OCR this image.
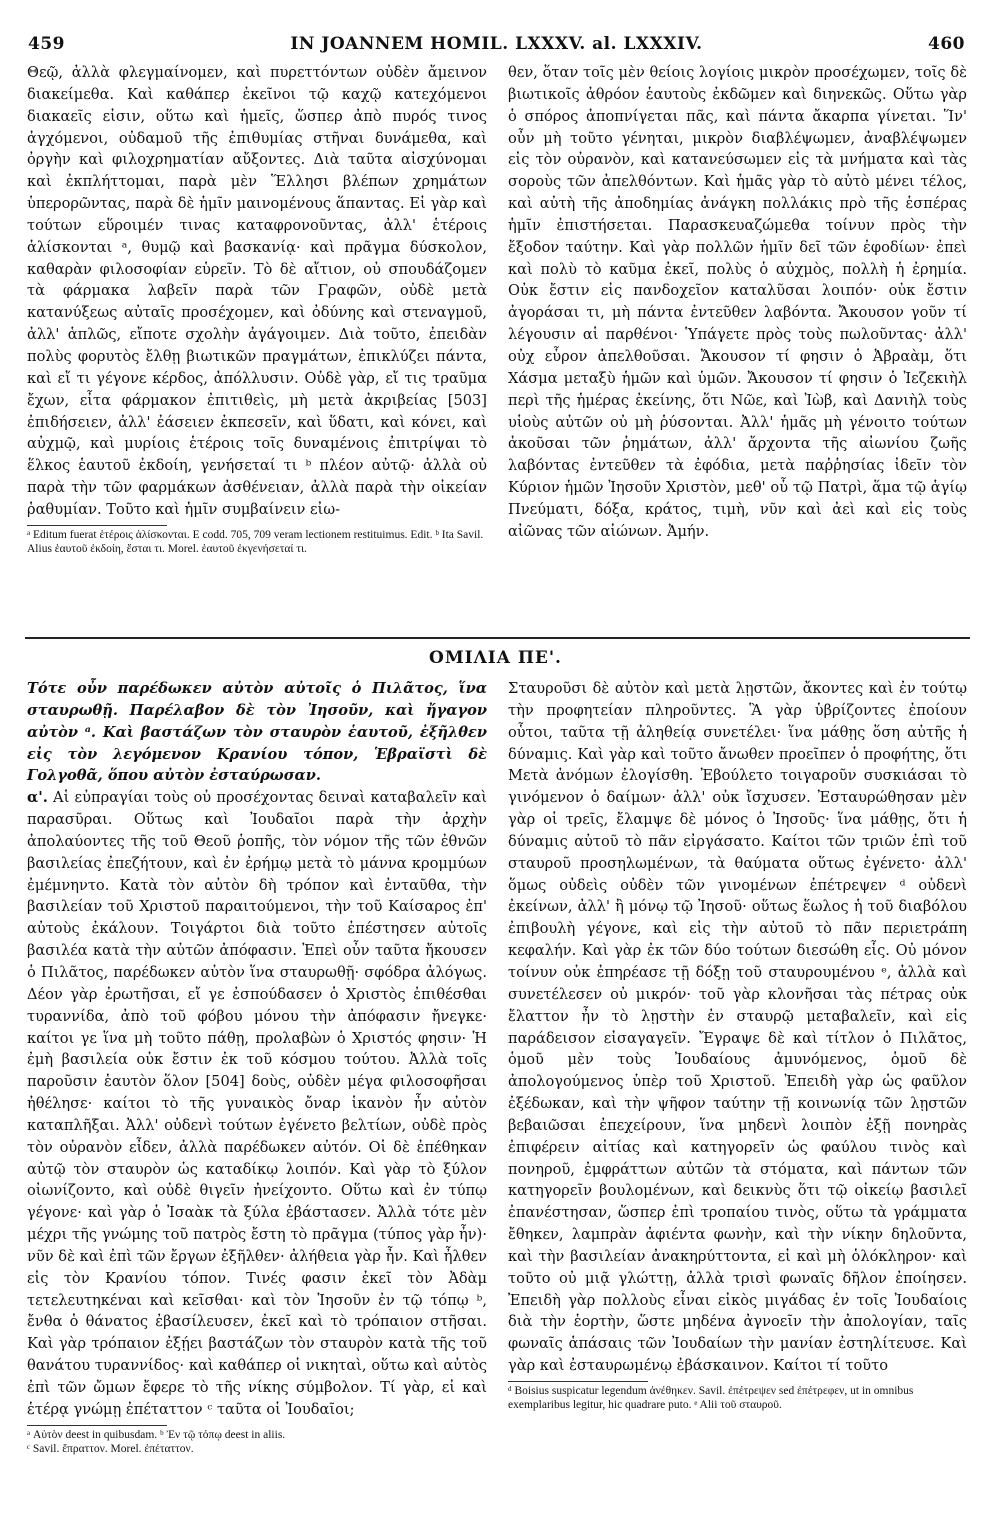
459	IN JOANNEM HOMIL. LXXXV. al. LXXXIV.	460

Θεῷ, ἀλλὰ φλεγμαίνομεν, καὶ πυρεττόντων οὐδὲν ἄμεινον διακείμεθα. Καὶ καθάπερ ἐκεῖνοι τῷ καχῷ κατεχόμενοι διακαεῖς εἰσιν, οὕτω καὶ ἡμεῖς, ὥσπερ ἀπὸ πυρός τινος ἀγχόμενοι, οὐδαμοῦ τῆς ἐπιθυμίας στῆναι δυνάμεθα, καὶ ὀργὴν καὶ φιλοχρηματίαν αὔξοντες. Διὰ ταῦτα αἰσχύνομαι καὶ ἐκπλήττομαι, παρὰ μὲν Ἕλλησι βλέπων χρημάτων ὑπερορῶντας, παρὰ δὲ ἡμῖν μαινομένους ἅπαντας. Εἰ γὰρ καὶ τούτων εὕροιμέν τινας καταφρονοῦντας, ἀλλ' ἑτέροις ἁλίσκονται ᵃ, θυμῷ καὶ βασκανίᾳ· καὶ πρᾶγμα δύσκολον, καθαρὰν φιλοσοφίαν εὑρεῖν. Τὸ δὲ αἴτιον, οὐ σπουδάζομεν τὰ φάρμακα λαβεῖν παρὰ τῶν Γραφῶν, οὐδὲ μετὰ κατανύξεως αὐταῖς προσέχομεν, καὶ ὀδύνης καὶ στεναγμοῦ, ἀλλ' ἁπλῶς, εἴποτε σχολὴν ἀγάγοιμεν. Διὰ τοῦτο, ἐπειδὰν πολὺς φορυτὸς ἔλθῃ βιωτικῶν πραγμάτων, ἐπικλύζει πάντα, καὶ εἴ τι γέγονε κέρδος, ἀπόλλυσιν. Οὐδὲ γὰρ, εἴ τις τραῦμα ἔχων, εἶτα φάρμακον ἐπιτιθεὶς, μὴ μετὰ ἀκριβείας [503] ἐπιδήσειεν, ἀλλ' ἐάσειεν ἐκπεσεῖν, καὶ ὕδατι, καὶ κόνει, καὶ αὐχμῷ, καὶ μυρίοις ἑτέροις τοῖς δυναμένοις ἐπιτρίψαι τὸ ἕλκος ἑαυτοῦ ἐκδοίη, γενήσεταί τι ᵇ πλέον αὐτῷ· ἀλλὰ οὐ παρὰ τὴν τῶν φαρμάκων ἀσθένειαν, ἀλλὰ παρὰ τὴν οἰκείαν ῥαθυμίαν. Τοῦτο καὶ ἡμῖν συμβαίνειν εἰω-

ᵃ Editum fuerat ἑτέροις ἁλίσκονται. E codd. 705, 709 veram lectionem restituimus. Edit. ᵇ Ita Savil. Alius ἑαυτοῦ ἐκδοίη, ἔσται τι. Morel. ἑαυτοῦ ἐκγενήσεταί τι.

θεν, ὅταν τοῖς μὲν θείοις λογίοις μικρὸν προσέχωμεν, τοῖς δὲ βιωτικοῖς ἀθρόον ἑαυτοὺς ἐκδῶμεν καὶ διηνεκῶς. Οὕτω γὰρ ὁ σπόρος ἀποπνίγεται πᾶς, καὶ πάντα ἄκαρπα γίνεται. Ἵν' οὖν μὴ τοῦτο γένηται, μικρὸν διαβλέψωμεν, ἀναβλέψωμεν εἰς τὸν οὐρανὸν, καὶ κατανεύσωμεν εἰς τὰ μνήματα καὶ τὰς σοροὺς τῶν ἀπελθόντων. Καὶ ἡμᾶς γὰρ τὸ αὐτὸ μένει τέλος, καὶ αὐτὴ τῆς ἀποδημίας ἀνάγκη πολλάκις πρὸ τῆς ἑσπέρας ἡμῖν ἐπιστήσεται. Παρασκευαζώμεθα τοίνυν πρὸς τὴν ἔξοδον ταύτην. Καὶ γὰρ πολλῶν ἡμῖν δεῖ τῶν ἐφοδίων· ἐπεὶ καὶ πολὺ τὸ καῦμα ἐκεῖ, πολὺς ὁ αὐχμὸς, πολλὴ ἡ ἐρημία. Οὐκ ἔστιν εἰς πανδοχεῖον καταλῦσαι λοιπόν· οὐκ ἔστιν ἀγοράσαι τι, μὴ πάντα ἐντεῦθεν λαβόντα. Ἄκουσον γοῦν τί λέγουσιν αἱ παρθένοι· Ὑπάγετε πρὸς τοὺς πωλοῦντας· ἀλλ' οὐχ εὗρον ἀπελθοῦσαι. Ἄκουσον τί φησιν ὁ Ἀβραὰμ, ὅτι Χάσμα μεταξὺ ἡμῶν καὶ ὑμῶν. Ἄκουσον τί φησιν ὁ Ἰεζεκιὴλ περὶ τῆς ἡμέρας ἐκείνης, ὅτι Νῶε, καὶ Ἰὼβ, καὶ Δανιὴλ τοὺς υἱοὺς αὐτῶν οὐ μὴ ῥύσονται. Ἀλλ' ἡμᾶς μὴ γένοιτο τούτων ἀκοῦσαι τῶν ῥημάτων, ἀλλ' ἄρχοντα τῆς αἰωνίου ζωῆς λαβόντας ἐντεῦθεν τὰ ἐφόδια, μετὰ παῤῥησίας ἰδεῖν τὸν Κύριον ἡμῶν Ἰησοῦν Χριστὸν, μεθ' οὗ τῷ Πατρὶ, ἅμα τῷ ἁγίῳ Πνεύματι, δόξα, κράτος, τιμὴ, νῦν καὶ ἀεὶ καὶ εἰς τοὺς αἰῶνας τῶν αἰώνων. Ἀμήν.

ΟΜΙΛΙΑ ΠΕ'.

Τότε οὖν παρέδωκεν αὐτὸν αὐτοῖς ὁ Πιλᾶτος, ἵνα σταυρωθῇ. Παρέλαβον δὲ τὸν Ἰησοῦν, καὶ ἤγαγον αὐτὸν ᵃ. Καὶ βαστάζων τὸν σταυρὸν ἑαυτοῦ, ἐξῆλθεν εἰς τὸν λεγόμενον Κρανίου τόπον, Ἑβραϊστὶ δὲ Γολγοθᾶ, ὅπου αὐτὸν ἐσταύρωσαν.

α'. Αἱ εὐπραγίαι τοὺς οὐ προσέχοντας δειναὶ καταβαλεῖν καὶ παρασῦραι. Οὕτως καὶ Ἰουδαῖοι παρὰ τὴν ἀρχὴν ἀπολαύοντες τῆς τοῦ Θεοῦ ῥοπῆς, τὸν νόμον τῆς τῶν ἐθνῶν βασιλείας ἐπεζήτουν, καὶ ἐν ἐρήμῳ μετὰ τὸ μάννα κρομμύων ἐμέμνηντο. Κατὰ τὸν αὐτὸν δὴ τρόπον καὶ ἐνταῦθα, τὴν βασιλείαν τοῦ Χριστοῦ παραιτούμενοι, τὴν τοῦ Καίσαρος ἐπ' αὐτοὺς ἐκάλουν. Τοιγάρτοι διὰ τοῦτο ἐπέστησεν αὐτοῖς βασιλέα κατὰ τὴν αὐτῶν ἀπόφασιν. Ἐπεὶ οὖν ταῦτα ἤκουσεν ὁ Πιλᾶτος, παρέδωκεν αὐτὸν ἵνα σταυρωθῇ· σφόδρα ἀλόγως. Δέον γὰρ ἐρωτῆσαι, εἴ γε ἐσπούδασεν ὁ Χριστὸς ἐπιθέσθαι τυραννίδα, ἀπὸ τοῦ φόβου μόνου τὴν ἀπόφασιν ἤνεγκε· καίτοι γε ἵνα μὴ τοῦτο πάθῃ, προλαβὼν ὁ Χριστός φησιν· Ἡ ἐμὴ βασιλεία οὐκ ἔστιν ἐκ τοῦ κόσμου τούτου. Ἀλλὰ τοῖς παροῦσιν ἑαυτὸν ὅλον [504] δοὺς, οὐδὲν μέγα φιλοσοφῆσαι ἠθέλησε· καίτοι τὸ τῆς γυναικὸς ὄναρ ἱκανὸν ἦν αὐτὸν καταπλῆξαι. Ἀλλ' οὐδενὶ τούτων ἐγένετο βελτίων, οὐδὲ πρὸς τὸν οὐρανὸν εἶδεν, ἀλλὰ παρέδωκεν αὐτόν. Οἱ δὲ ἐπέθηκαν αὐτῷ τὸν σταυρὸν ὡς καταδίκῳ λοιπόν. Καὶ γὰρ τὸ ξύλον οἰωνίζοντο, καὶ οὐδὲ θιγεῖν ἠνείχοντο. Οὕτω καὶ ἐν τύπῳ γέγονε· καὶ γὰρ ὁ Ἰσαὰκ τὰ ξύλα ἐβάστασεν. Ἀλλὰ τότε μὲν μέχρι τῆς γνώμης τοῦ πατρὸς ἔστη τὸ πρᾶγμα (τύπος γὰρ ἦν)· νῦν δὲ καὶ ἐπὶ τῶν ἔργων ἐξῆλθεν· ἀλήθεια γὰρ ἦν. Καὶ ἦλθεν εἰς τὸν Κρανίου τόπον. Τινές φασιν ἐκεῖ τὸν Ἀδὰμ τετελευτηκέναι καὶ κεῖσθαι· καὶ τὸν Ἰησοῦν ἐν τῷ τόπῳ ᵇ, ἔνθα ὁ θάνατος ἐβασίλευσεν, ἐκεῖ καὶ τὸ τρόπαιον στῆσαι. Καὶ γὰρ τρόπαιον ἐξῄει βαστάζων τὸν σταυρὸν κατὰ τῆς τοῦ θανάτου τυραννίδος· καὶ καθάπερ οἱ νικηταὶ, οὕτω καὶ αὐτὸς ἐπὶ τῶν ὤμων ἔφερε τὸ τῆς νίκης σύμβολον. Τί γὰρ, εἰ καὶ ἑτέρᾳ γνώμῃ ἐπέταττον ᶜ ταῦτα οἱ Ἰουδαῖοι;

ᵃ Αὐτὸν deest in quibusdam. ᵇ Ἐν τῷ τόπῳ deest in aliis.

ᶜ Savil. ἔπραττον. Morel. ἐπέταττον.

Σταυροῦσι δὲ αὐτὸν καὶ μετὰ λῃστῶν, ἄκοντες καὶ ἐν τούτῳ τὴν προφητείαν πληροῦντες. Ἃ γὰρ ὑβρίζοντες ἐποίουν οὗτοι, ταῦτα τῇ ἀληθείᾳ συνετέλει· ἵνα μάθῃς ὅση αὐτῆς ἡ δύναμις. Καὶ γὰρ καὶ τοῦτο ἄνωθεν προεῖπεν ὁ προφήτης, ὅτι Μετὰ ἀνόμων ἐλογίσθη. Ἐβούλετο τοιγαροῦν συσκιάσαι τὸ γινόμενον ὁ δαίμων· ἀλλ' οὐκ ἴσχυσεν. Ἐσταυρώθησαν μὲν γὰρ οἱ τρεῖς, ἔλαμψε δὲ μόνος ὁ Ἰησοῦς· ἵνα μάθῃς, ὅτι ἡ δύναμις αὐτοῦ τὸ πᾶν εἰργάσατο. Καίτοι τῶν τριῶν ἐπὶ τοῦ σταυροῦ προσηλωμένων, τὰ θαύματα οὕτως ἐγένετο· ἀλλ' ὅμως οὐδεὶς οὐδὲν τῶν γινομένων ἐπέτρεψεν ᵈ οὐδενὶ ἐκείνων, ἀλλ' ἢ μόνῳ τῷ Ἰησοῦ· οὕτως ἕωλος ἡ τοῦ διαβόλου ἐπιβουλὴ γέγονε, καὶ εἰς τὴν αὐτοῦ τὸ πᾶν περιετράπη κεφαλήν. Καὶ γὰρ ἐκ τῶν δύο τούτων διεσώθη εἷς. Οὐ μόνον τοίνυν οὐκ ἐπηρέασε τῇ δόξῃ τοῦ σταυρουμένου ᵉ, ἀλλὰ καὶ συνετέλεσεν οὐ μικρόν· τοῦ γὰρ κλονῆσαι τὰς πέτρας οὐκ ἔλαττον ἦν τὸ λῃστὴν ἐν σταυρῷ μεταβαλεῖν, καὶ εἰς παράδεισον εἰσαγαγεῖν. Ἔγραψε δὲ καὶ τίτλον ὁ Πιλᾶτος, ὁμοῦ μὲν τοὺς Ἰουδαίους ἀμυνόμενος, ὁμοῦ δὲ ἀπολογούμενος ὑπὲρ τοῦ Χριστοῦ. Ἐπειδὴ γὰρ ὡς φαῦλον ἐξέδωκαν, καὶ τὴν ψῆφον ταύτην τῇ κοινωνίᾳ τῶν λῃστῶν βεβαιῶσαι ἐπεχείρουν, ἵνα μηδενὶ λοιπὸν ἐξῇ πονηρὰς ἐπιφέρειν αἰτίας καὶ κατηγορεῖν ὡς φαύλου τινὸς καὶ πονηροῦ, ἐμφράττων αὐτῶν τὰ στόματα, καὶ πάντων τῶν κατηγορεῖν βουλομένων, καὶ δεικνὺς ὅτι τῷ οἰκείῳ βασιλεῖ ἐπανέστησαν, ὥσπερ ἐπὶ τροπαίου τινὸς, οὕτω τὰ γράμματα ἔθηκεν, λαμπρὰν ἀφιέντα φωνὴν, καὶ τὴν νίκην δηλοῦντα, καὶ τὴν βασιλείαν ἀνακηρύττοντα, εἰ καὶ μὴ ὁλόκληρον· καὶ τοῦτο οὐ μιᾷ γλώττῃ, ἀλλὰ τρισὶ φωναῖς δῆλον ἐποίησεν. Ἐπειδὴ γὰρ πολλοὺς εἶναι εἰκὸς μιγάδας ἐν τοῖς Ἰουδαίοις διὰ τὴν ἑορτὴν, ὥστε μηδένα ἀγνοεῖν τὴν ἀπολογίαν, ταῖς φωναῖς ἁπάσαις τῶν Ἰουδαίων τὴν μανίαν ἐστηλίτευσε. Καὶ γὰρ καὶ ἐσταυρωμένῳ ἐβάσκαινον. Καίτοι τί τοῦτο

ᵈ Boisius suspicatur legendum ἀνέθηκεν. Savil. ἐπέτρεψεν sed ἐπέτρεφεν, ut in omnibus exemplaribus legitur, hic quadrare puto. ᵉ Alii τοῦ σταυροῦ.
